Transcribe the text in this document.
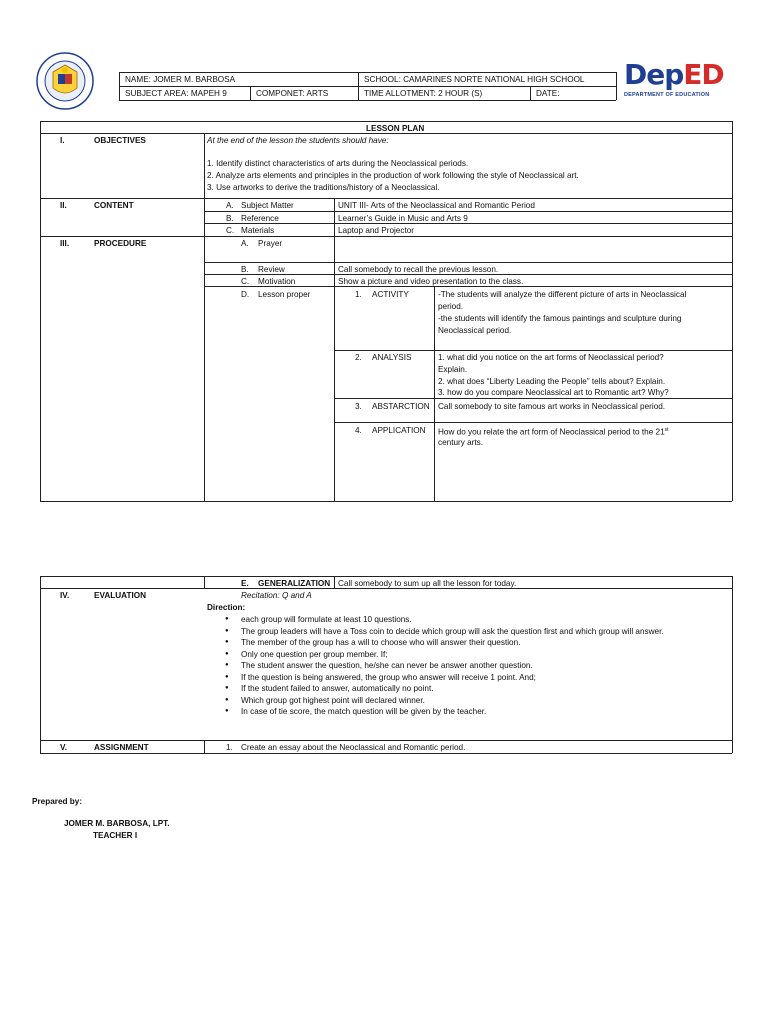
NAME: JOMER M. BARBOSA	SCHOOL: CAMARINES NORTE NATIONAL HIGH SCHOOL
SUBJECT AREA: MAPEH 9	COMPONET: ARTS	TIME ALLOTMENT: 2 HOUR (S)	DATE:
DepED
DEPARTMENT OF EDUCATION
LESSON PLAN
I.	OBJECTIVES	At the end of the lesson the students should have:
1. Identify distinct characteristics of arts during the Neoclassical periods.
2. Analyze arts elements and principles in the production of work following the style of Neoclassical art.
3. Use artworks to derive the traditions/history of a Neoclassical.
II.	CONTENT	A. Subject Matter	UNIT III- Arts of the Neoclassical and Romantic Period
B. Reference	Learner’s Guide in Music and Arts 9
C. Materials	Laptop and Projector
III.	PROCEDURE	A. Prayer
B. Review	Call somebody to recall the previous lesson.
C. Motivation	Show a picture and video presentation to the class.
D. Lesson proper	1. ACTIVITY	-The students will analyze the different picture of arts in Neoclassical
period.
-the students will identify the famous paintings and sculpture during
Neoclassical period.
2. ANALYSIS	1. what did you notice on the art forms of Neoclassical period?
Explain.
2. what does “Liberty Leading the People” tells about? Explain.
3. how do you compare Neoclassical art to Romantic art? Why?
3. ABSTARCTION Call somebody to site famous art works in Neoclassical period.
4. APPLICATION How do you relate the art form of Neoclassical period to the 21st
century arts.
E. GENERALIZATION Call somebody to sum up all the lesson for today.
IV.	EVALUATION	Recitation: Q and A
Direction:
● each group will formulate at least 10 questions.
● The group leaders will have a Toss coin to decide which group will ask the question first and which group will answer.
● The member of the group has a will to choose who will answer their question.
● Only one question per group member. If;
● The student answer the question, he/she can never be answer another question.
● If the question is being answered, the group who answer will receive 1 point. And;
● If the student failed to answer, automatically no point.
● Which group got highest point will declared winner.
● In case of tie score, the match question will be given by the teacher.
V.	ASSIGNMENT	1. Create an essay about the Neoclassical and Romantic period.
Prepared by:
JOMER M. BARBOSA, LPT.
TEACHER I
